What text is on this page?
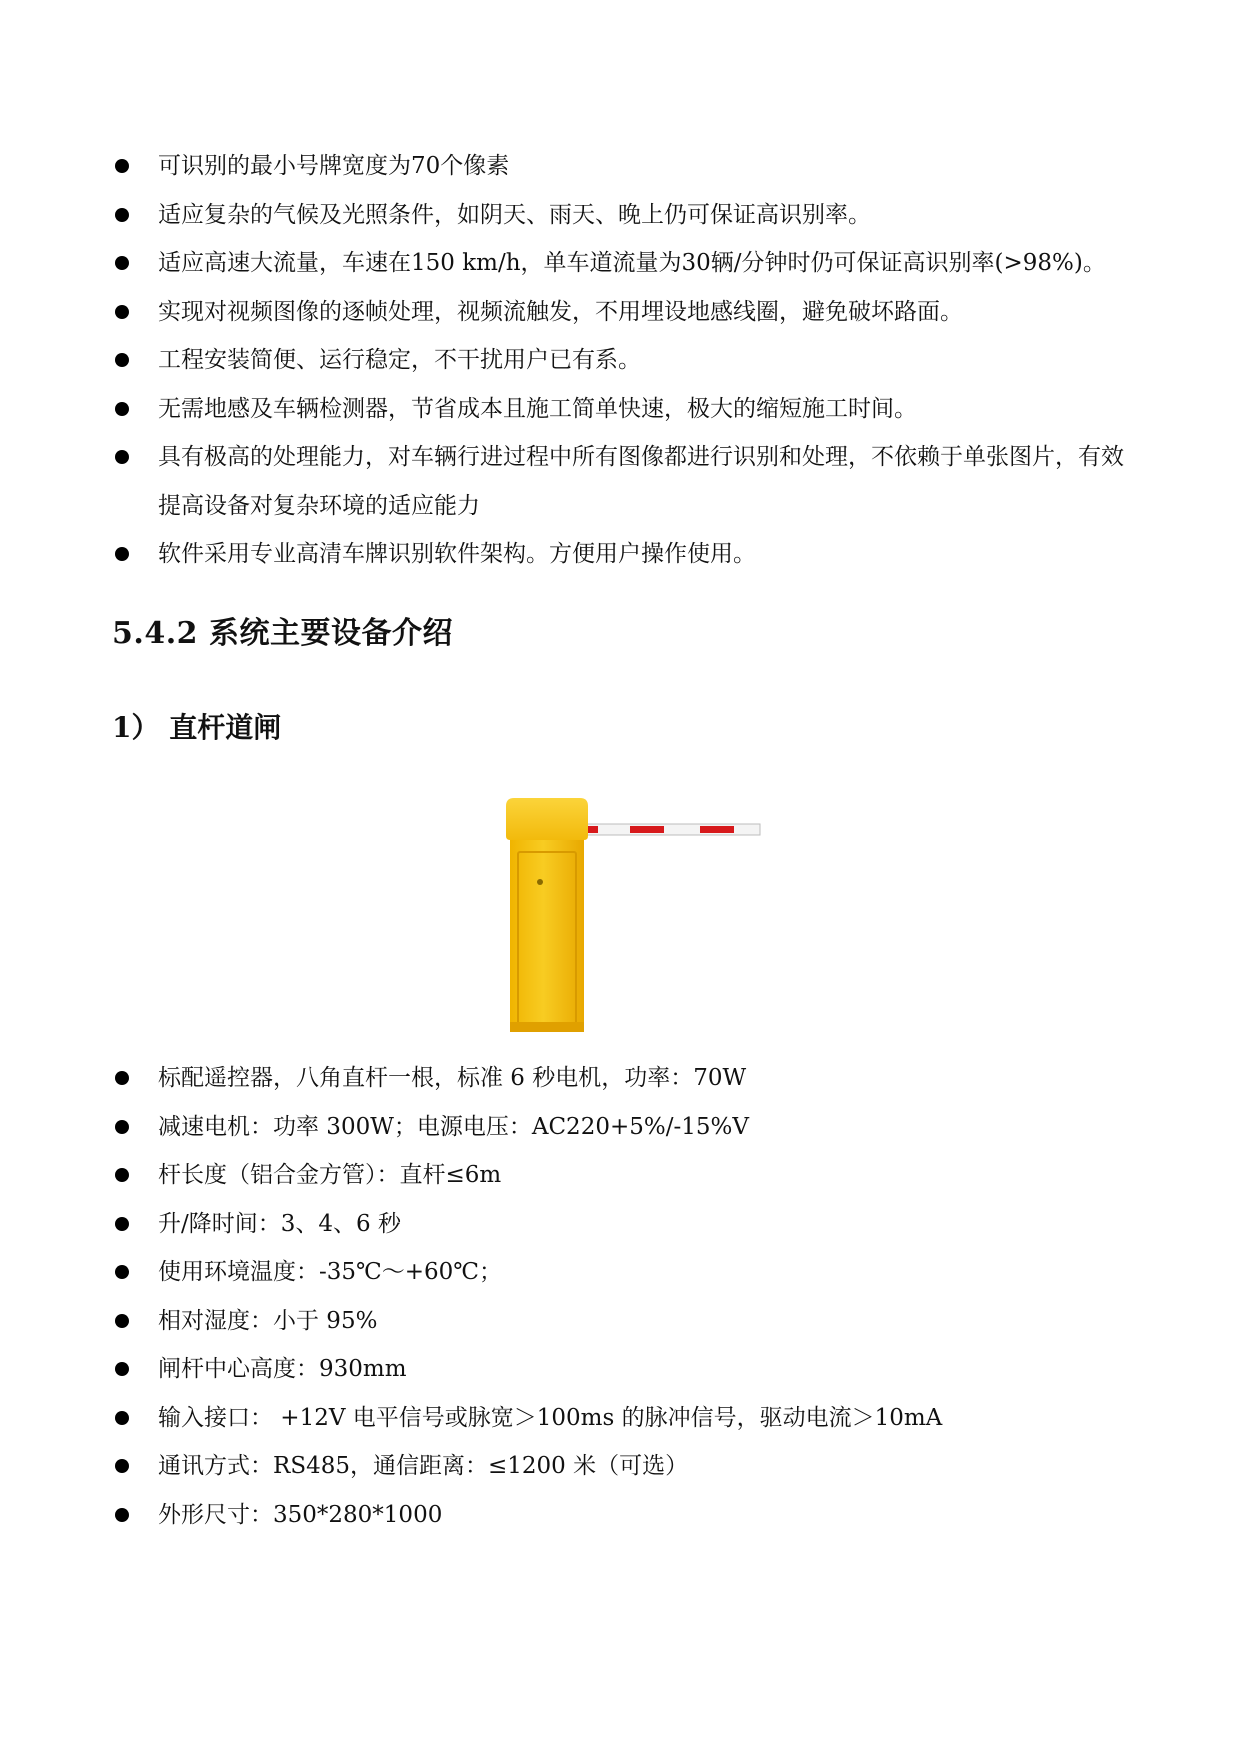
可识别的最小号牌宽度为70个像素
适应复杂的气候及光照条件，如阴天、雨天、晚上仍可保证高识别率。
适应高速大流量，车速在150 km/h，单车道流量为30辆/分钟时仍可保证高识别率(>98%)。
实现对视频图像的逐帧处理，视频流触发，不用埋设地感线圈，避免破坏路面。
工程安装简便、运行稳定，不干扰用户已有系。
无需地感及车辆检测器，节省成本且施工简单快速，极大的缩短施工时间。
具有极高的处理能力，对车辆行进过程中所有图像都进行识别和处理，不依赖于单张图片，有效提高设备对复杂环境的适应能力
软件采用专业高清车牌识别软件架构。方便用户操作使用。
5.4.2 系统主要设备介绍
1） 直杆道闸
标配遥控器，八角直杆一根，标准 6 秒电机，功率：70W
减速电机：功率 300W；电源电压：AC220+5%/-15%V
杆长度（铝合金方管）：直杆≤6m
升/降时间：3、4、6 秒
使用环境温度：-35℃～+60℃；
相对湿度：小于 95%
闸杆中心高度：930mm
输入接口： +12V 电平信号或脉宽＞100ms 的脉冲信号，驱动电流＞10mA
通讯方式：RS485，通信距离：≤1200 米（可选）
外形尺寸：350*280*1000
